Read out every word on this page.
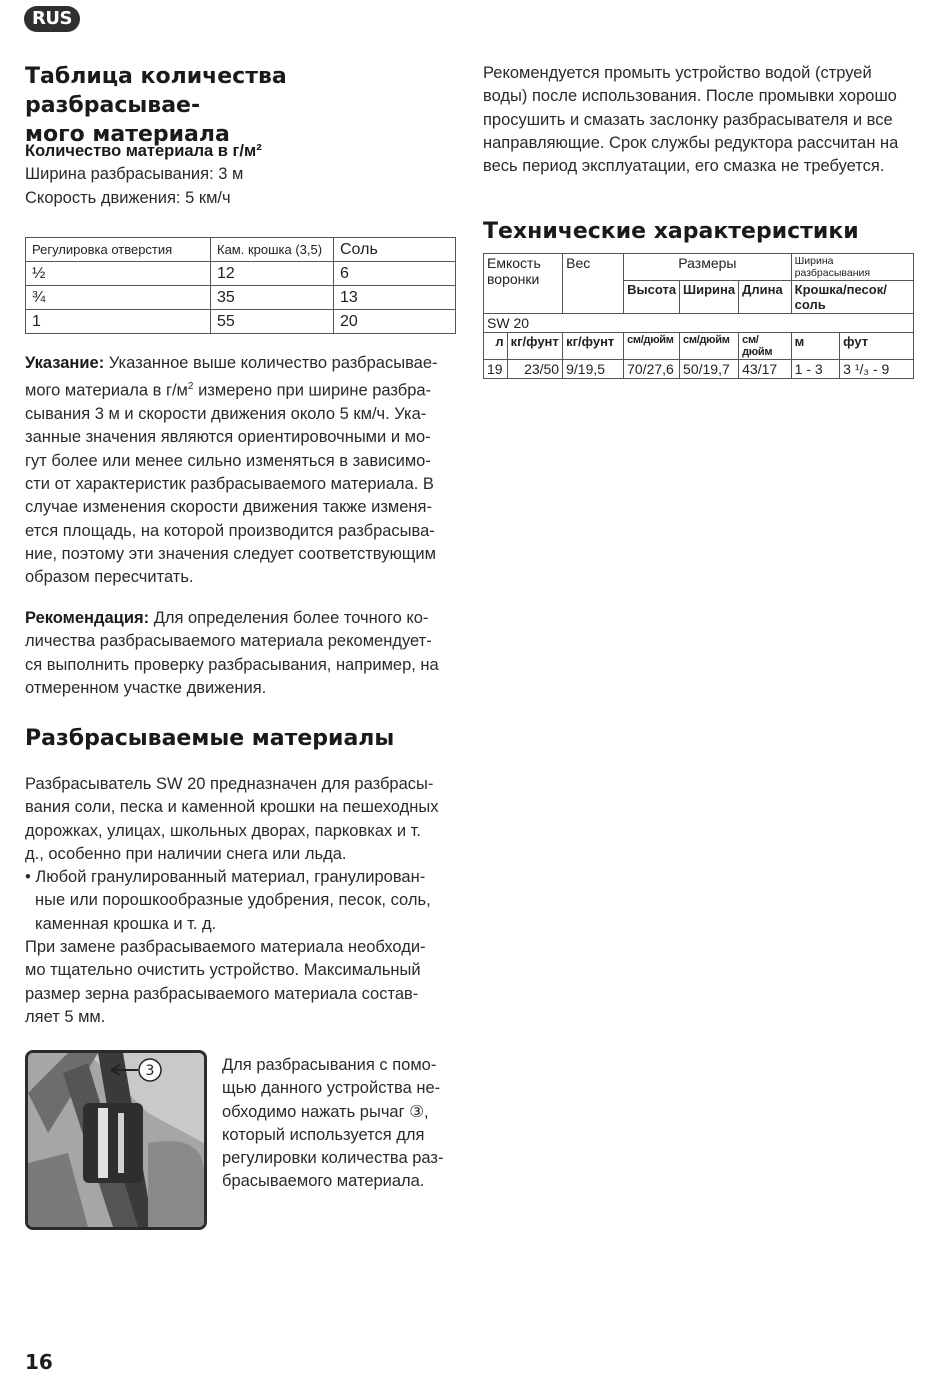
RUS
Таблица количества разбрасывае-
мого материала
Количество материала в г/м²
Ширина разбрасывания: 3 м
Скорость движения: 5 км/ч
Регулировка отверстия	Кам. крошка (3,5)	Соль
½	12	6
¾	35	13
1	55	20
Указание: Указанное выше количество разбрасывае-
мого материала в $г/м^2$ измерено при ширине разбра-
сывания 3 м и скорости движения около 5 км/ч. Ука-
занные значения являются ориентировочными и мо-
гут более или менее сильно изменяться в зависимо-
сти от характеристик разбрасываемого материала. В
случае изменения скорости движения также изменя-
ется площадь, на которой производится разбрасыва-
ние, поэтому эти значения следует соответствующим
образом пересчитать.
Рекомендация: Для определения более точного ко-
личества разбрасываемого материала рекомендует-
ся выполнить проверку разбрасывания, например, на
отмеренном участке движения.
Разбрасываемые материалы
Разбрасыватель SW 20 предназначен для разбрасы-
вания соли, песка и каменной крошки на пешеходных
дорожках, улицах, школьных дворах, парковках и т.
д., особенно при наличии снега или льда.
• Любой гранулированный материал, гранулирован-
ные или порошкообразные удобрения, песок, соль,
каменная крошка и т. д.
При замене разбрасываемого материала необходи-
мо тщательно очистить устройство. Максимальный
размер зерна разбрасываемого материала состав-
ляет 5 мм.
3	Для разбрасывания с помо-
щью данного устройства не-
обходимо нажать рычаг ③,
который используется для
регулировки количества раз-
брасываемого материала.
Рекомендуется промыть устройство водой (струей
воды) после использования. После промывки хорошо
просушить и смазать заслонку разбрасывателя и все
направляющие. Срок службы редуктора рассчитан на
весь период эксплуатации, его смазка не требуется.
Технические характеристики
Емкость
воронки		Вес	Размеры			Ширина разбрасывания	
			Высота	Ширина	Длина	Крошка/песок/соль	
SW 20							
л	кг/фунт	кг/фунт	см/дюйм	см/дюйм	см/дюйм	м	фут
19	23/50	9/19,5	70/27,6	50/19,7	43/17	1 - 3	3 ¹/₃ - 9
16
